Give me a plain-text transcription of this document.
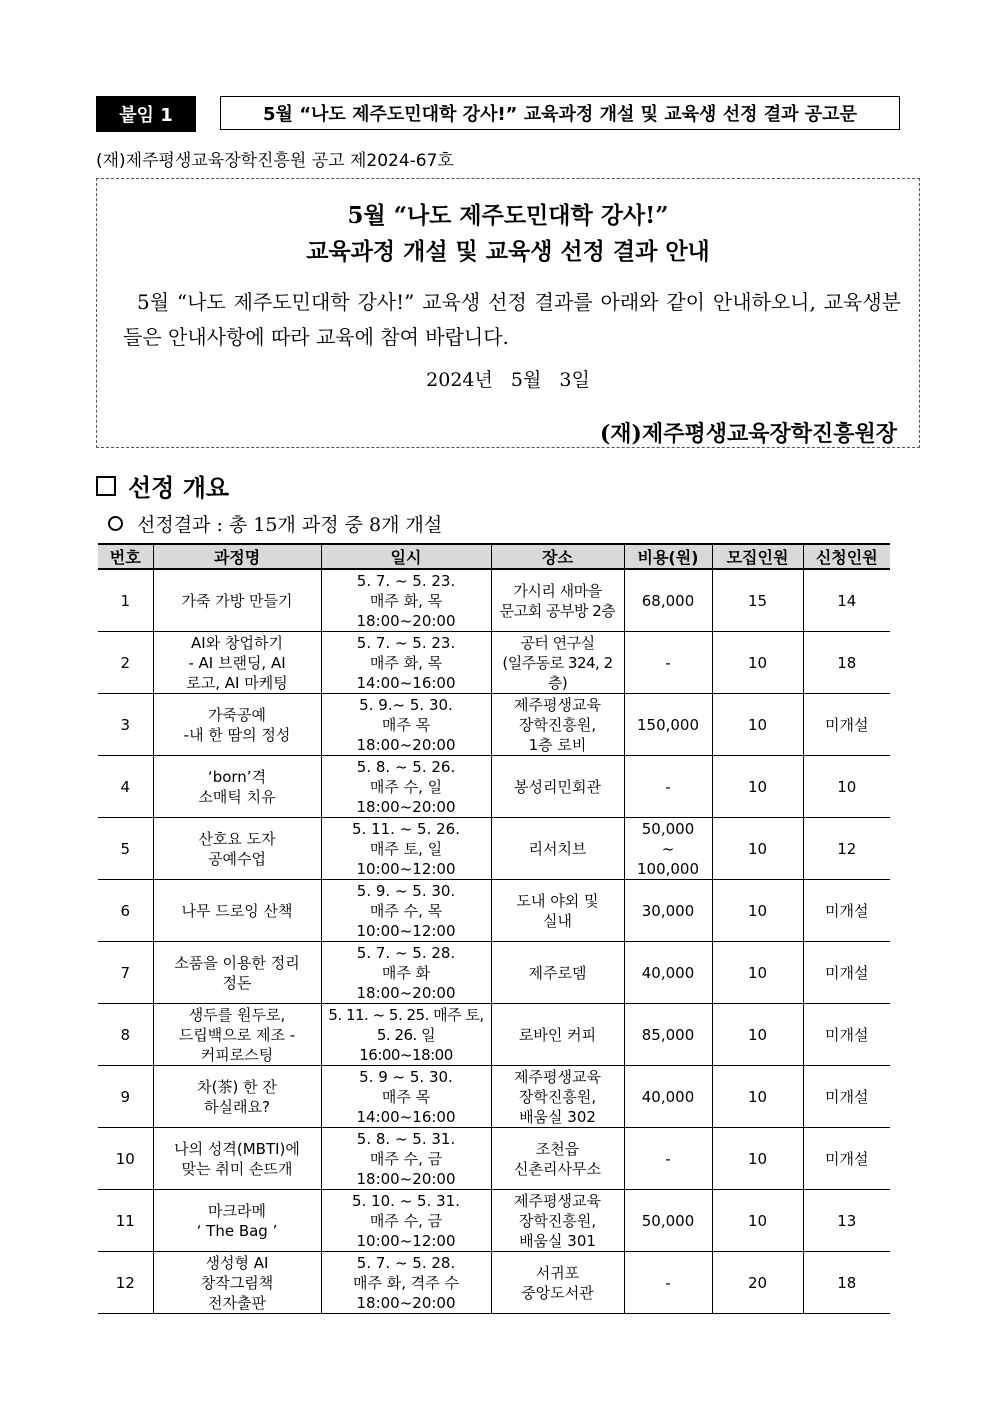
붙임 1	5월 “나도 제주도민대학 강사!” 교육과정 개설 및 교육생 선정 결과 공고문
(재)제주평생교육장학진흥원 공고 제2024-67호
5월 “나도 제주도민대학 강사!”
교육과정 개설 및 교육생 선정 결과 안내
5월 “나도 제주도민대학 강사!” 교육생 선정 결과를 아래와 같이 안내하오니, 교육생분들은 안내사항에 따라 교육에 참여 바랍니다.
2024년 5월 3일
(재)제주평생교육장학진흥원장
선정 개요
선정결과 : 총 15개 과정 중 8개 개설
번호	과정명	일시	장소	비용(원)	모집인원	신청인원
1	가죽 가방 만들기	5. 7. ~ 5. 23.
매주 화, 목
18:00~20:00	가시리 새마을
문고회 공부방 2층	68,000	15	14
2	AI와 창업하기
- AI 브랜딩, AI
로고, AI 마케팅	5. 7. ~ 5. 23.
매주 화, 목
14:00~16:00	공터 연구실
(일주동로 324, 2층)	-	10	18
3	가죽공예
-내 한 땀의 정성	5. 9.~ 5. 30.
매주 목
18:00~20:00	제주평생교육
장학진흥원,
1층 로비	150,000	10	미개설
4	‘born’격
소매틱 치유	5. 8. ~ 5. 26.
매주 수, 일
18:00~20:00	봉성리민회관	-	10	10
5	산호요 도자
공예수업	5. 11. ~ 5. 26.
매주 토, 일
10:00~12:00	리서치브	50,000
~
100,000	10	12
6	나무 드로잉 산책	5. 9. ~ 5. 30.
매주 수, 목
10:00~12:00	도내 야외 및
실내	30,000	10	미개설
7	소품을 이용한 정리
정돈	5. 7. ~ 5. 28.
매주 화
18:00~20:00	제주로뎀	40,000	10	미개설
8	생두를 원두로,
드립백으로 제조 -
커피로스팅	5. 11. ~ 5. 25. 매주 토,
5. 26. 일
16:00~18:00	로바인 커피	85,000	10	미개설
9	차(茶) 한 잔
하실래요?	5. 9 ~ 5. 30.
매주 목
14:00~16:00	제주평생교육
장학진흥원,
배움실 302	40,000	10	미개설
10	나의 성격(MBTI)에
맞는 취미 손뜨개	5. 8. ~ 5. 31.
매주 수, 금
18:00~20:00	조천읍
신촌리사무소	-	10	미개설
11	마크라메
‘ The Bag ’	5. 10. ~ 5. 31.
매주 수, 금
10:00~12:00	제주평생교육
장학진흥원,
배움실 301	50,000	10	13
12	생성형 AI
창작그림책
전자출판	5. 7. ~ 5. 28.
매주 화, 격주 수
18:00~20:00	서귀포
중앙도서관	-	20	18
